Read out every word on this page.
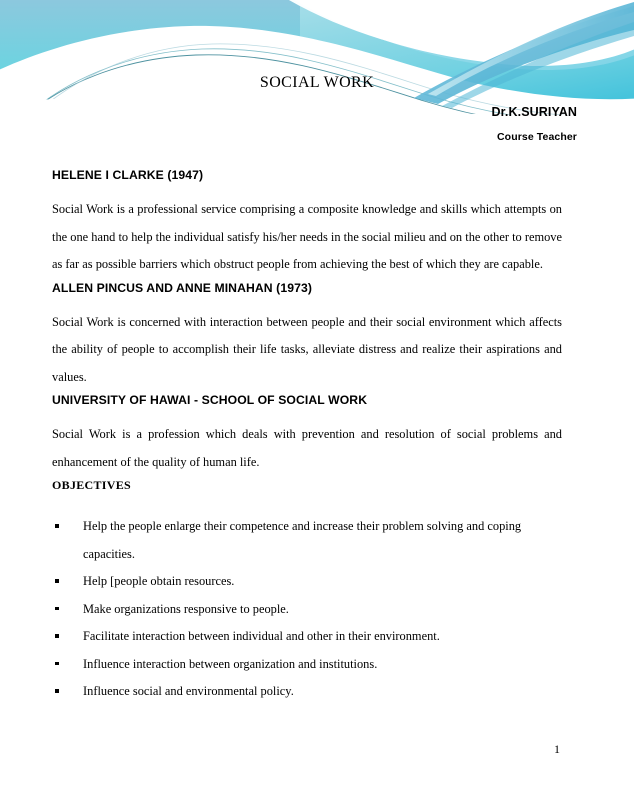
SOCIAL WORK
Dr.K.SURIYAN
Course Teacher
HELENE I CLARKE (1947)

Social Work is a professional service comprising a composite knowledge and skills which attempts on the one hand to help the individual satisfy his/her needs in the social milieu and on the other to remove as far as possible barriers which obstruct people from achieving the best of which they are capable.

ALLEN PINCUS AND ANNE MINAHAN (1973)

Social Work is concerned with interaction between people and their social environment which affects the ability of people to accomplish their life tasks, alleviate distress and realize their aspirations and values.

UNIVERSITY OF HAWAI - SCHOOL OF SOCIAL WORK

Social Work is a profession which deals with prevention and resolution of social problems and enhancement of the quality of human life.

OBJECTIVES
Help the people enlarge their competence and increase their problem solving and coping capacities.
Help [people obtain resources.
Make organizations responsive to people.
Facilitate interaction between individual and other in their environment.
Influence interaction between organization and institutions.
Influence social and environmental policy.
1
